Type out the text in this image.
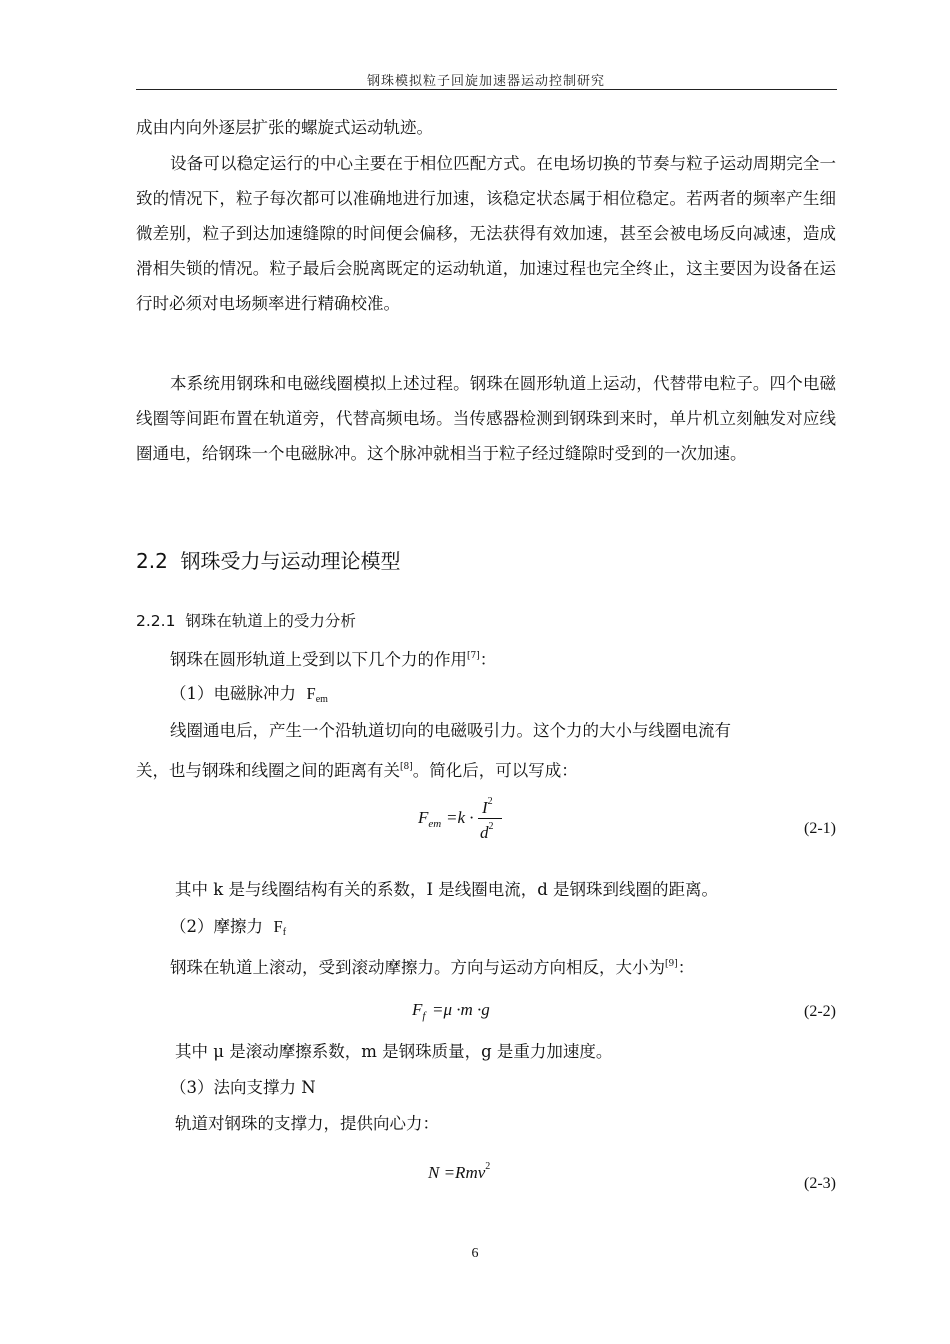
钢珠模拟粒子回旋加速器运动控制研究

成由内向外逐层扩张的螺旋式运动轨迹。

设备可以稳定运行的中心主要在于相位匹配方式。在电场切换的节奏与粒子运动周期完全一致的情况下，粒子每次都可以准确地进行加速，该稳定状态属于相位稳定。若两者的频率产生细微差别，粒子到达加速缝隙的时间便会偏移，无法获得有效加速，甚至会被电场反向减速，造成滑相失锁的情况。粒子最后会脱离既定的运动轨道，加速过程也完全终止，这主要因为设备在运行时必须对电场频率进行精确校准。

本系统用钢珠和电磁线圈模拟上述过程。钢珠在圆形轨道上运动，代替带电粒子。四个电磁线圈等间距布置在轨道旁，代替高频电场。当传感器检测到钢珠到来时，单片机立刻触发对应线圈通电，给钢珠一个电磁脉冲。这个脉冲就相当于粒子经过缝隙时受到的一次加速。

2.2 钢珠受力与运动理论模型
2.2.1 钢珠在轨道上的受力分析
钢珠在圆形轨道上受到以下几个力的作用[7]：
（1）电磁脉冲力 $F_{em}$
线圈通电后，产生一个沿轨道切向的电磁吸引力。这个力的大小与线圈电流有
关，也与钢珠和线圈之间的距离有关[8]。简化后，可以写成：
$F_{em} =k$ ·
$I^2$
$d^2$	(2-1)
其中 k 是与线圈结构有关的系数，I 是线圈电流，d 是钢珠到线圈的距离。
（2）摩擦力 $F_f$
钢珠在轨道上滚动，受到滚动摩擦力。方向与运动方向相反，大小为[9]：
$F_f =\mu \cdot m \cdot g$	(2-2)
其中 μ 是滚动摩擦系数，m 是钢珠质量，g 是重力加速度。
（3）法向支撑力 N
轨道对钢珠的支撑力，提供向心力：
N =Rmv$^2$
(2-3)
6
